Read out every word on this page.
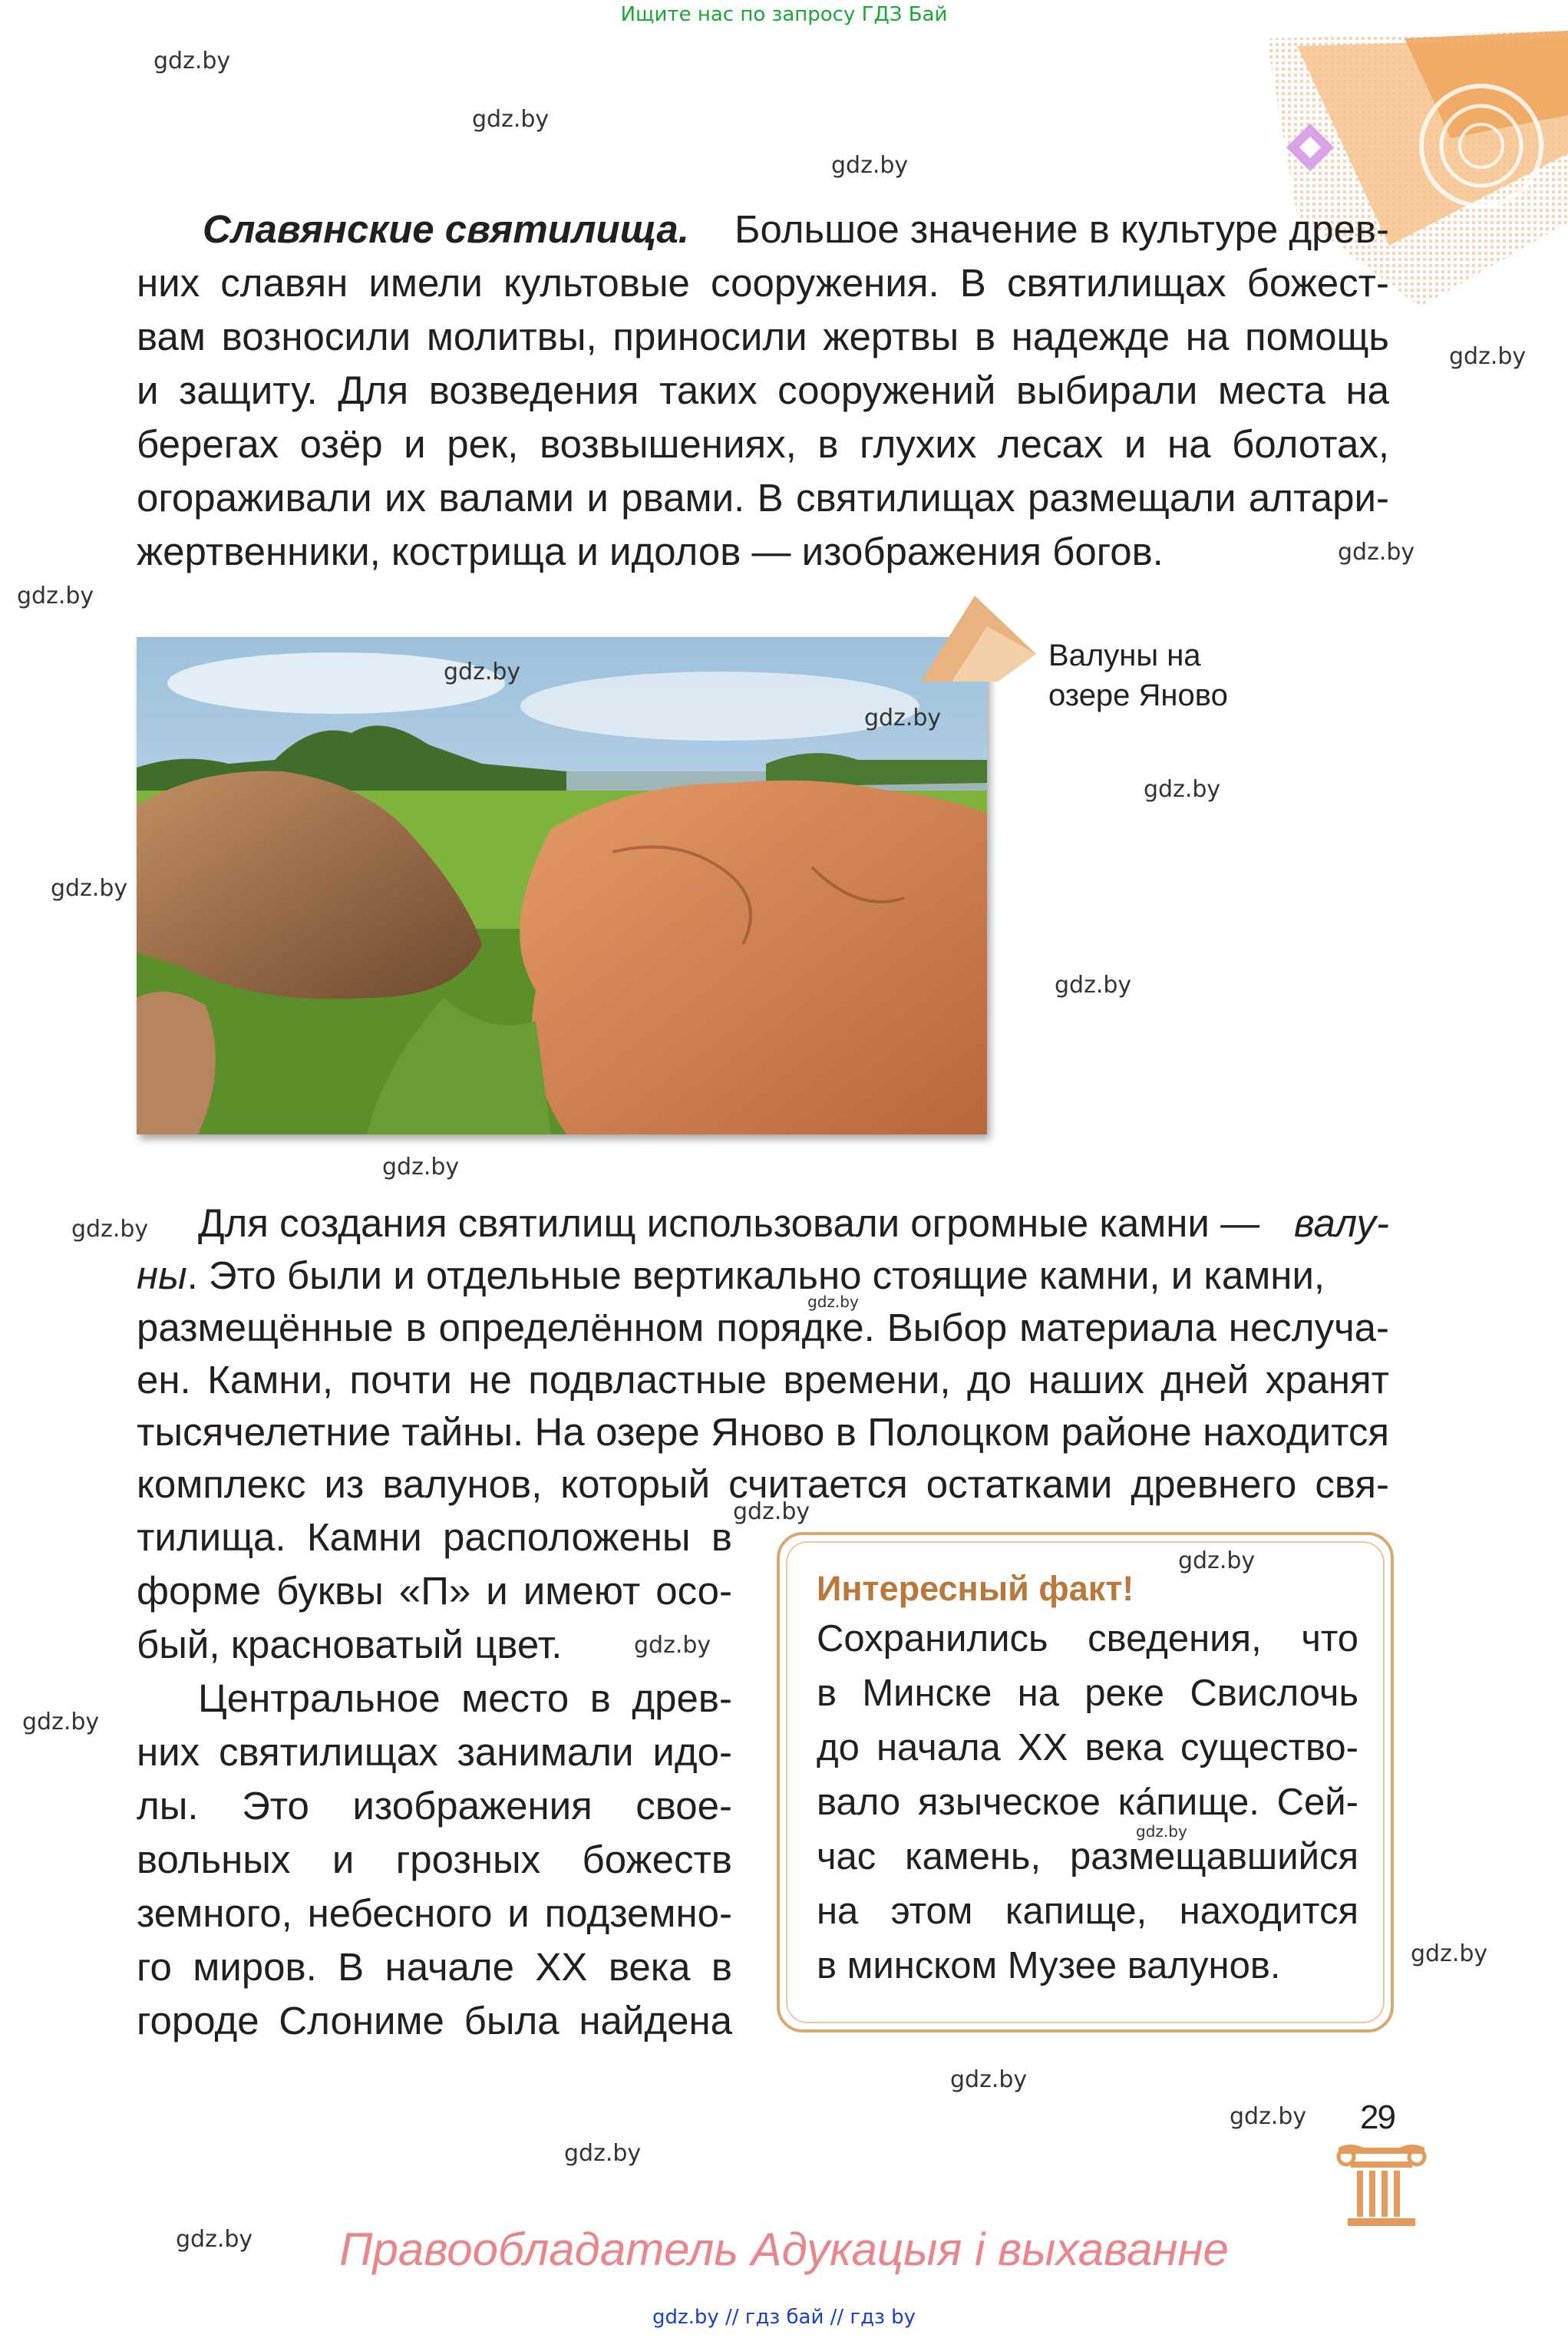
Ищите нас по запросу ГДЗ Бай
Славянские святилища. Большое значение в культуре древ-
них славян имели культовые сооружения. В святилищах божест-
вам возносили молитвы, приносили жертвы в надежде на помощь
и защиту. Для возведения таких сооружений выбирали места на
берегах озёр и рек, возвышениях, в глухих лесах и на болотах,
огораживали их валами и рвами. В святилищах размещали алтари-
жертвенники, кострища и идолов — изображения богов.
Валуны на
озере Яново
Для создания святилищ использовали огромные камни — валу-
ны. Это были и отдельные вертикально стоящие камни, и камни,
размещённые в определённом порядке. Выбор материала неслуча-
ен. Камни, почти не подвластные времени, до наших дней хранят
тысячелетние тайны. На озере Яново в Полоцком районе находится
комплекс из валунов, который считается остатками древнего свя-
тилища. Камни расположены в
форме буквы «П» и имеют осо-
бый, красноватый цвет.
Центральное место в древ-
них святилищах занимали идо-
лы. Это изображения свое-
вольных и грозных божеств
земного, небесного и подземно-
го миров. В начале XX века в
городе Слониме была найдена
Интересный факт!
Сохранились сведения, что
в Минске на реке Свислочь
до начала XX века существо-
вало языческое ка́пище. Сей-
час камень, размещавшийся
на этом капище, находится
в минском Музее валунов.
29
Правообладатель Адукацыя і выхаванне
gdz.by // гдз бай // гдз by
gdz.by
gdz.by
gdz.by
gdz.by
gdz.by
gdz.by
gdz.by
gdz.by
gdz.by
gdz.by
gdz.by
gdz.by
gdz.by
gdz.by
gdz.by
gdz.by
gdz.by
gdz.by
gdz.by
gdz.by
gdz.by
gdz.by
gdz.by
gdz.by
